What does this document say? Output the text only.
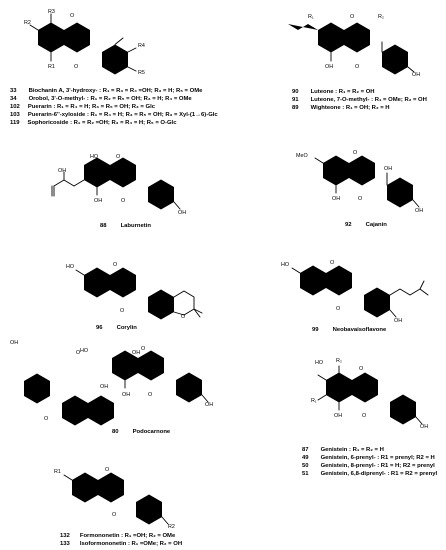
R2
R3
O
R1	O
R4
R5
R₁	R₂
O
OH	O
OH
OH
HO	O
OH	O
OH
MeO	O
OH	O
OH
OH
HO	O
O
O
HO	O
O
OH
HO	OH
O
OH	O
O
OH
O
OH
OH
HO R₂
O
R₁
OH	O
OH
R1	O
O
R2
33 Biochanin A, 3'-hydroxy- : R₁ = R₃ = R₄ =OH; R₃ = H; R₅ = OMe
34 Orobol, 3'-O-methyl- : R₁ = R₂ = R₅ = OH; R₃ = H; R₄ = OMe
102 Puerarin : R₁ = R₄ = H; R₃ = R₅ = OH; R₃ = Glc
103 Puerarin-6''-xyloside : R₁ = R₄ = H; R₃ = R₅ = OH; R₃ = Xyl-(1→6)-Glc
119 Sophoricoside : R₁ = R₂ =OH; R₃ = R₄ = H; R₅ = O-Glc
90 Luteone : R₁ = R₂ = OH
91 Luteone, 7-O-methyl- : R₁ = OMe; R₂ = OH
89 Wighteone : R₁ = OH; R₂ = H
88 Laburnetin	92 Cajanin
96 Corylin	99 Neobavaisoflavone
80 Podocarnone
87 Genistein : R₁ = R₂ = H
49 Genistein, 6-prenyl- : R1 = prenyl; R2 = H
50 Genistein, 8-prenyl- : R1 = H; R2 = prenyl
51 Genistein, 6,8-diprenyl- : R1 = R2 = prenyl
132 Formononetin : R₁ =OH; R₂ = OMe
133 Isoformononetin : R₁ =OMe; R₂ = OH
